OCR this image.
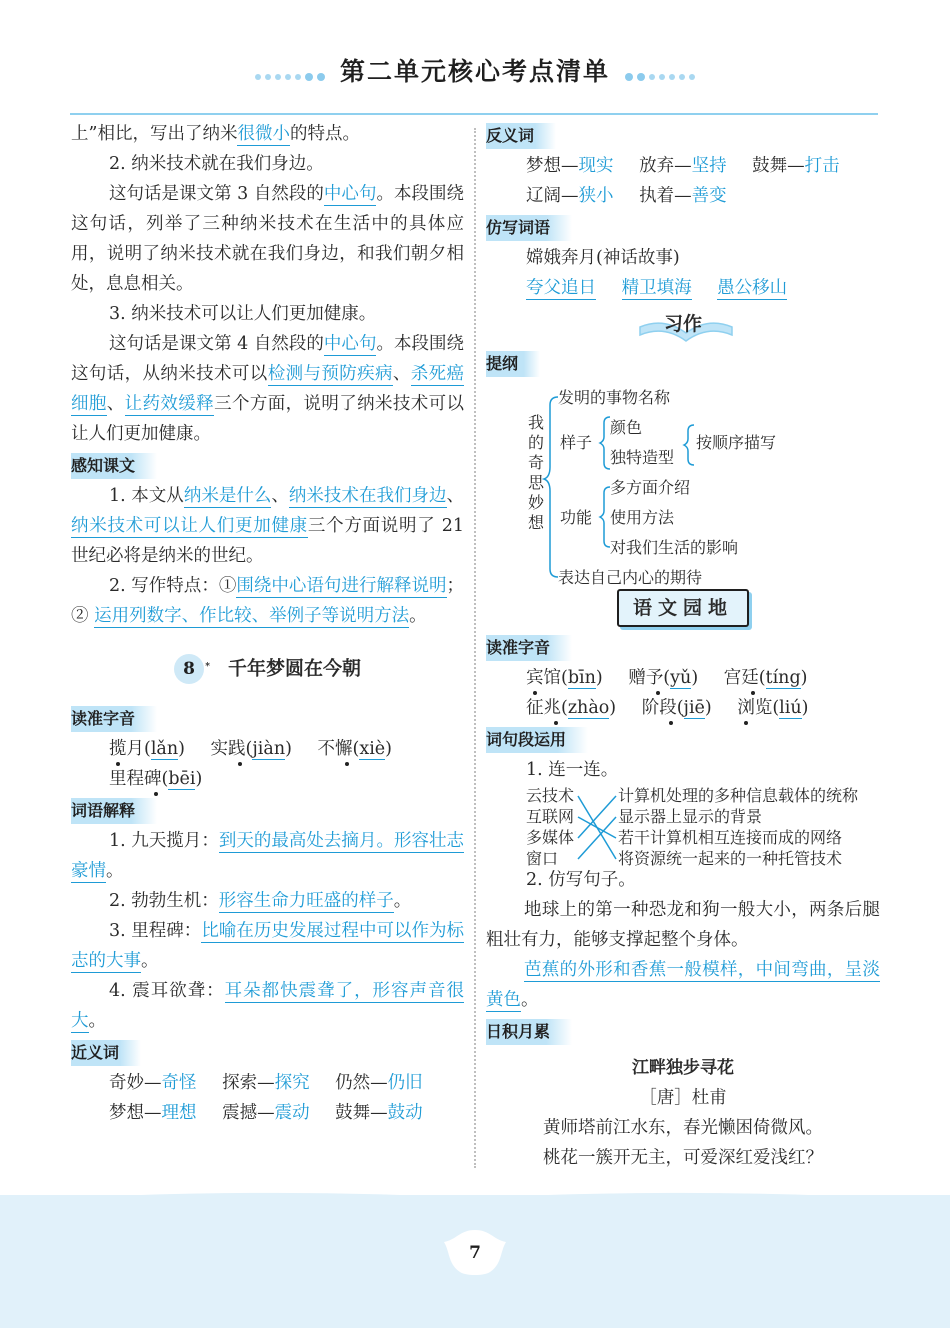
第二单元核心考点清单
上”相比，写出了纳米很微小的特点。
2. 纳米技术就在我们身边。
这句话是课文第 3 自然段的中心句。本段围绕这句话，列举了三种纳米技术在生活中的具体应用，说明了纳米技术就在我们身边，和我们朝夕相处，息息相关。
3. 纳米技术可以让人们更加健康。
这句话是课文第 4 自然段的中心句。本段围绕这句话，从纳米技术可以检测与预防疾病、杀死癌细胞、让药效缓释三个方面，说明了纳米技术可以让人们更加健康。
感知课文
1. 本文从纳米是什么、纳米技术在我们身边、纳米技术可以让人们更加健康三个方面说明了 21 世纪必将是纳米的世纪。
2. 写作特点：①围绕中心语句进行解释说明；② 运用列数字、作比较、举例子等说明方法。
8 * 千年梦圆在今朝
读准字音
揽月(lǎn) 实践(jiàn) 不懈(xiè)
里程碑(bēi)
词语解释
1. 九天揽月：到天的最高处去摘月。形容壮志豪情。
2. 勃勃生机：形容生命力旺盛的样子。
3. 里程碑：比喻在历史发展过程中可以作为标志的大事。
4. 震耳欲聋：耳朵都快震聋了，形容声音很大。
近义词
奇妙—奇怪 探索—探究 仍然—仍旧
梦想—理想 震撼—震动 鼓舞—鼓动
反义词
梦想—现实 放弃—坚持 鼓舞—打击
辽阔—狭小 执着—善变
仿写词语
嫦娥奔月(神话故事)
夸父追日 精卫填海 愚公移山
习作
提纲
我的奇思妙想
发明的事物名称
样子
颜色
独特造型
按顺序描写
功能
多方面介绍
使用方法
对我们生活的影响
表达自己内心的期待
语文园地
读准字音
宾馆(bīn) 赠予(yǔ) 宫廷(tíng)
征兆(zhào) 阶段(jiē) 浏览(liú)
词句段运用
1. 连一连。
云技术
互联网
多媒体
窗口
计算机处理的多种信息载体的统称
显示器上显示的背景
若干计算机相互连接而成的网络
将资源统一起来的一种托管技术
2. 仿写句子。
地球上的第一种恐龙和狗一般大小，两条后腿粗壮有力，能够支撑起整个身体。
芭蕉的外形和香蕉一般模样，中间弯曲，呈淡黄色。
日积月累
江畔独步寻花
［唐］杜甫
黄师塔前江水东，春光懒困倚微风。
桃花一簇开无主，可爱深红爱浅红？
7
